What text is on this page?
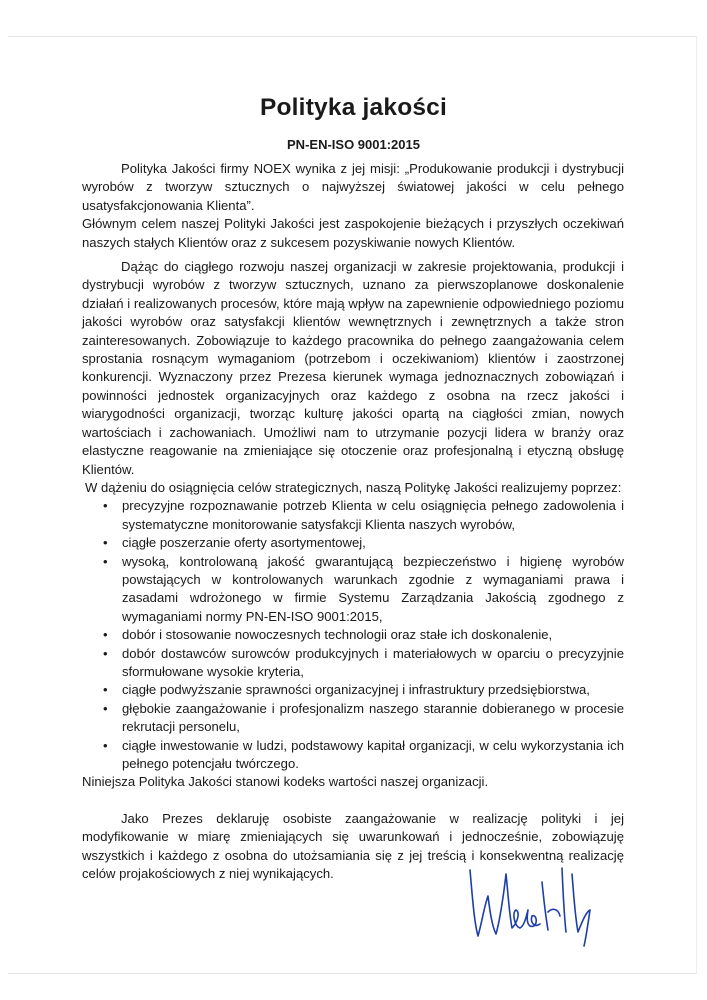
Polityka jakości
PN-EN-ISO 9001:2015

Polityka Jakości firmy NOEX wynika z jej misji: „Produkowanie produkcji i dystrybucji wyrobów z tworzyw sztucznych o najwyższej światowej jakości w celu pełnego usatysfakcjonowania Klienta”.

Głównym celem naszej Polityki Jakości jest zaspokojenie bieżących i przyszłych oczekiwań naszych stałych Klientów oraz z sukcesem pozyskiwanie nowych Klientów.

Dążąc do ciągłego rozwoju naszej organizacji w zakresie projektowania, produkcji i dystrybucji wyrobów z tworzyw sztucznych, uznano za pierwszoplanowe doskonalenie działań i realizowanych procesów, które mają wpływ na zapewnienie odpowiedniego poziomu jakości wyrobów oraz satysfakcji klientów wewnętrznych i zewnętrznych a także stron zainteresowanych. Zobowiązuje to każdego pracownika do pełnego zaangażowania celem sprostania rosnącym wymaganiom (potrzebom i oczekiwaniom) klientów i zaostrzonej konkurencji. Wyznaczony przez Prezesa kierunek wymaga jednoznacznych zobowiązań i powinności jednostek organizacyjnych oraz każdego z osobna na rzecz jakości i wiarygodności organizacji, tworząc kulturę jakości opartą na ciągłości zmian, nowych wartościach i zachowaniach. Umożliwi nam to utrzymanie pozycji lidera w branży oraz elastyczne reagowanie na zmieniające się otoczenie oraz profesjonalną i etyczną obsługę Klientów.

W dążeniu do osiągnięcia celów strategicznych, naszą Politykę Jakości realizujemy poprzez:

• precyzyjne rozpoznawanie potrzeb Klienta w celu osiągnięcia pełnego zadowolenia i systematyczne monitorowanie satysfakcji Klienta naszych wyrobów,
• ciągłe poszerzanie oferty asortymentowej,
• wysoką, kontrolowaną jakość gwarantującą bezpieczeństwo i higienę wyrobów powstających w kontrolowanych warunkach zgodnie z wymaganiami prawa i zasadami wdrożonego w firmie Systemu Zarządzania Jakością zgodnego z wymaganiami normy PN-EN-ISO 9001:2015,
• dobór i stosowanie nowoczesnych technologii oraz stałe ich doskonalenie,
• dobór dostawców surowców produkcyjnych i materiałowych w oparciu o precyzyjnie sformułowane wysokie kryteria,
• ciągłe podwyższanie sprawności organizacyjnej i infrastruktury przedsiębiorstwa,
• głębokie zaangażowanie i profesjonalizm naszego starannie dobieranego w procesie rekrutacji personelu,
• ciągłe inwestowanie w ludzi, podstawowy kapitał organizacji, w celu wykorzystania ich pełnego potencjału twórczego.

Niniejsza Polityka Jakości stanowi kodeks wartości naszej organizacji.

Jako Prezes deklaruję osobiste zaangażowanie w realizację polityki i jej modyfikowanie w miarę zmieniających się uwarunkowań i jednocześnie, zobowiązuję wszystkich i każdego z osobna do utożsamiania się z jej treścią i konsekwentną realizację celów projakościowych z niej wynikających.
